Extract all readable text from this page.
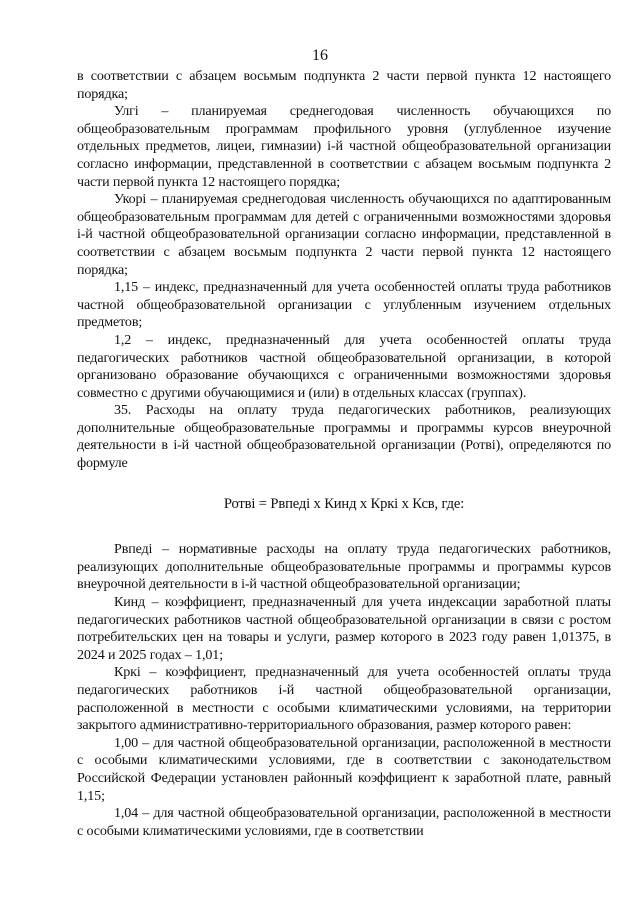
16

в соответствии с абзацем восьмым подпункта 2 части первой пункта 12 настоящего порядка;

Улгі – планируемая среднегодовая численность обучающихся по общеобразовательным программам профильного уровня (углубленное изучение отдельных предметов, лицеи, гимназии) і-й частной общеобразовательной организации согласно информации, представленной в соответствии с абзацем восьмым подпункта 2 части первой пункта 12 настоящего порядка;

Укорі – планируемая среднегодовая численность обучающихся по адаптированным общеобразовательным программам для детей с ограниченными возможностями здоровья і-й частной общеобразовательной организации согласно информации, представленной в соответствии с абзацем восьмым подпункта 2 части первой пункта 12 настоящего порядка;

1,15 – индекс, предназначенный для учета особенностей оплаты труда работников частной общеобразовательной организации с углубленным изучением отдельных предметов;

1,2 – индекс, предназначенный для учета особенностей оплаты труда педагогических работников частной общеобразовательной организации, в которой организовано образование обучающихся с ограниченными возможностями здоровья совместно с другими обучающимися и (или) в отдельных классах (группах).

35. Расходы на оплату труда педагогических работников, реализующих дополнительные общеобразовательные программы и программы курсов внеурочной деятельности в і-й частной общеобразовательной организации (Ротвi), определяются по формуле

Ротві = Рвпеді х Кинд х Кркі х Ксв, где:

Рвпеді – нормативные расходы на оплату труда педагогических работников, реализующих дополнительные общеобразовательные программы и программы курсов внеурочной деятельности в і-й частной общеобразовательной организации;

Кинд – коэффициент, предназначенный для учета индексации заработной платы педагогических работников частной общеобразовательной организации в связи с ростом потребительских цен на товары и услуги, размер которого в 2023 году равен 1,01375, в 2024 и 2025 годах – 1,01;

Кркі – коэффициент, предназначенный для учета особенностей оплаты труда педагогических работников і-й частной общеобразовательной организации, расположенной в местности с особыми климатическими условиями, на территории закрытого административно-территориального образования, размер которого равен:

1,00 – для частной общеобразовательной организации, расположенной в местности с особыми климатическими условиями, где в соответствии с законодательством Российской Федерации установлен районный коэффициент к заработной плате, равный 1,15;

1,04 – для частной общеобразовательной организации, расположенной в местности с особыми климатическими условиями, где в соответствии
